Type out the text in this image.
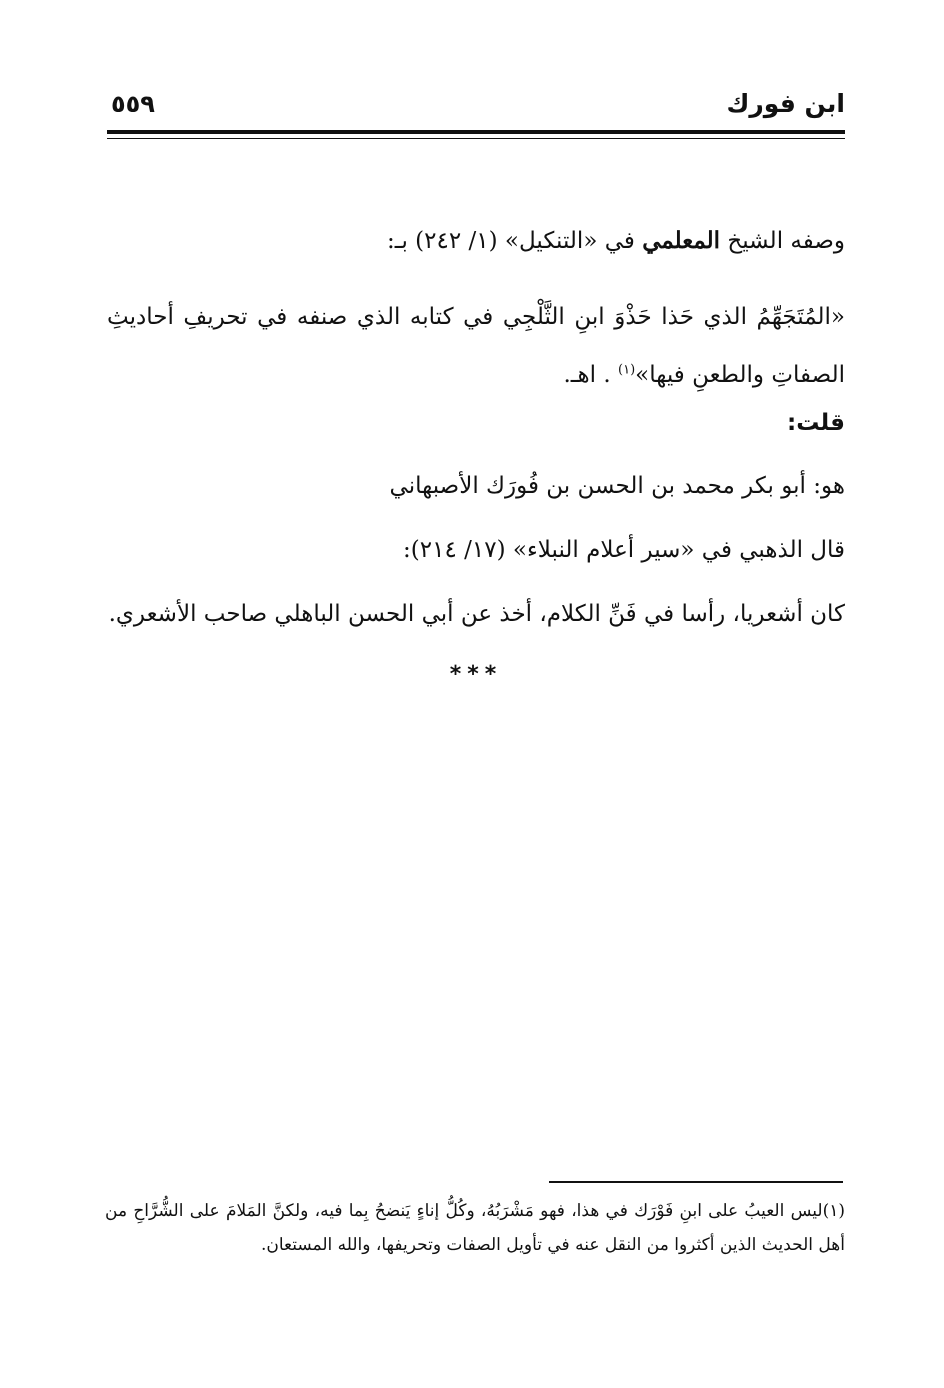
ابن فورك
٥٥٩
وصفه الشيخ المعلمي في «التنكيل» (١/ ٢٤٢) بـ:
«المُتَجَهِّمُ الذي حَذا حَذْوَ ابنِ الثَّلْجِي في كتابه الذي صنفه في تحريفِ أحاديثِ الصفاتِ والطعنِ فيها»$^{(١)}$ . اهـ.
قلت:
هو: أبو بكر محمد بن الحسن بن فُورَك الأصبهاني
قال الذهبي في «سير أعلام النبلاء» (١٧/ ٢١٤):
كان أشعريا، رأسا في فَنِّ الكلام، أخذ عن أبي الحسن الباهلي صاحب الأشعري.
***
(١)ليس العيبُ على ابنِ فَوْرَك في هذا، فهو مَشْرَبُهُ، وكُلُّ إناءٍ يَنضحُ بِما فيه، ولكنَّ المَلامَ على الشُّرَّاحِ من أهل الحديث الذين أكثروا من النقل عنه في تأويل الصفات وتحريفها، والله المستعان.
